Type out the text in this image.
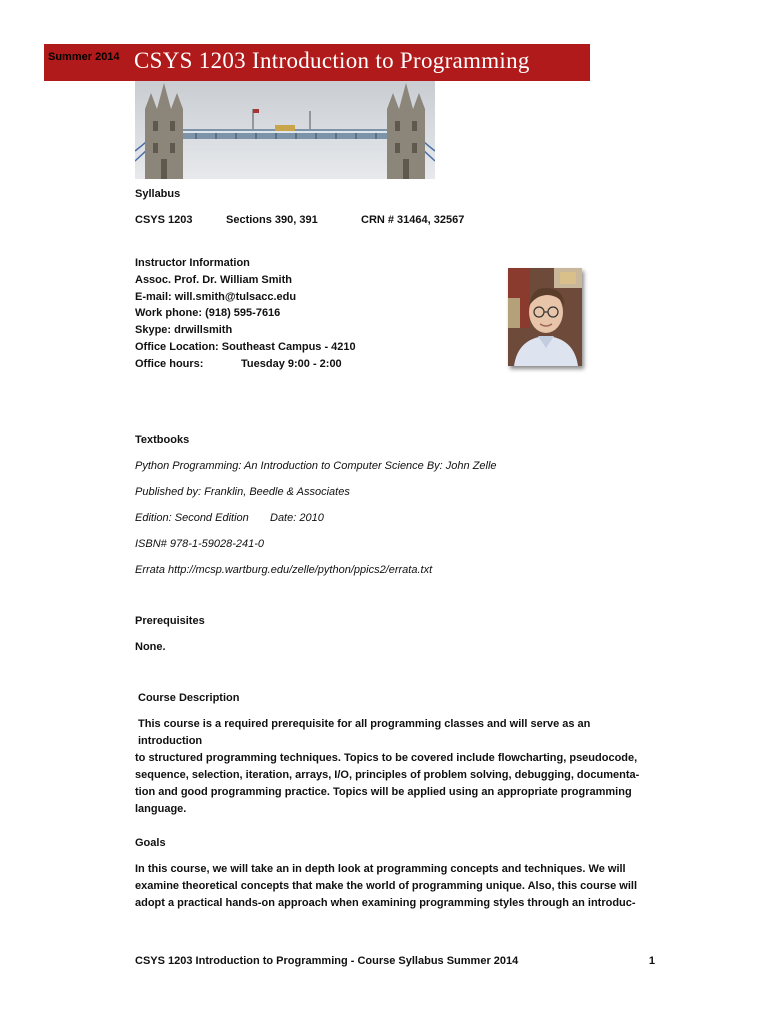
Summer 2014 CSYS 1203 Introduction to Programming
Syllabus
CSYS 1203	Sections 390, 391	CRN # 31464, 32567
Instructor Information
Assoc. Prof. Dr. William Smith
E-mail: will.smith@tulsacc.edu
Work phone: (918) 595-7616
Skype: drwillsmith
Office Location: Southeast Campus - 4210
Office hours:	Tuesday 9:00 - 2:00
Textbooks
Python Programming: An Introduction to Computer Science By: John Zelle
Published by: Franklin, Beedle & Associates
Edition: Second Edition Date: 2010
ISBN# 978-1-59028-241-0
Errata http://mcsp.wartburg.edu/zelle/python/ppics2/errata.txt
Prerequisites
None.
Course Description
This course is a required prerequisite for all programming classes and will serve as an introduction
to structured programming techniques. Topics to be covered include flowcharting, pseudocode,
sequence, selection, iteration, arrays, I/O, principles of problem solving, debugging, documenta-
tion and good programming practice. Topics will be applied using an appropriate programming
language.
Goals
In this course, we will take an in depth look at programming concepts and techniques. We will
examine theoretical concepts that make the world of programming unique. Also, this course will
adopt a practical hands-on approach when examining programming styles through an introduc-
CSYS 1203 Introduction to Programming - Course Syllabus Summer 2014	1
